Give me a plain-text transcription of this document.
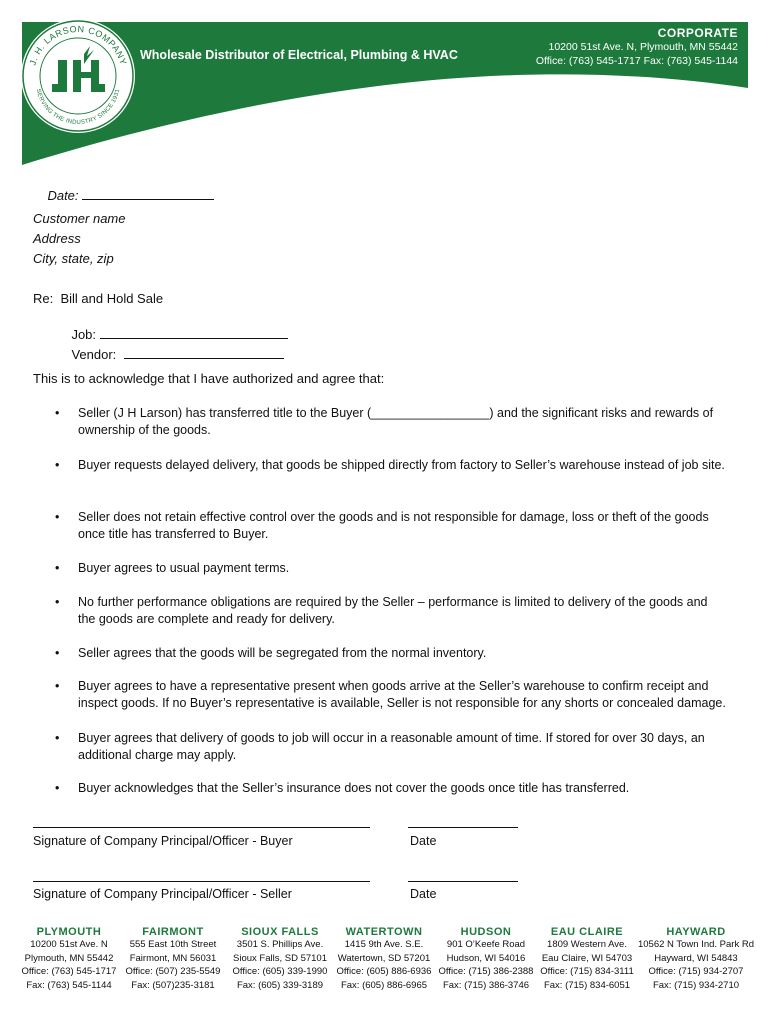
J. H. LARSON COMPANY
SERVING THE INDUSTRY SINCE 1931
Wholesale Distributor of Electrical, Plumbing & HVAC
CORPORATE
10200 51st Ave. N, Plymouth, MN 55442
Office: (763) 545-1717 Fax: (763) 545-1144

Date:

Customer name
Address
City, state, zip
Re:  Bill and Hold Sale

Job:

Vendor:

This is to acknowledge that I have authorized and agree that:
• Seller (J H Larson) has transferred title to the Buyer (_________________) and the significant risks and rewards of ownership of the goods.
• Buyer requests delayed delivery, that goods be shipped directly from factory to Seller’s warehouse instead of job site.
• Seller does not retain effective control over the goods and is not responsible for damage, loss or theft of the goods once title has transferred to Buyer.
• Buyer agrees to usual payment terms.
• No further performance obligations are required by the Seller – performance is limited to delivery of the goods and the goods are complete and ready for delivery.
• Seller agrees that the goods will be segregated from the normal inventory.
• Buyer agrees to have a representative present when goods arrive at the Seller’s warehouse to confirm receipt and inspect goods. If no Buyer’s representative is available, Seller is not responsible for any shorts or concealed damage.
• Buyer agrees that delivery of goods to job will occur in a reasonable amount of time. If stored for over 30 days, an additional charge may apply.
• Buyer acknowledges that the Seller’s insurance does not cover the goods once title has transferred.
Signature of Company Principal/Officer - Buyer	Date
Signature of Company Principal/Officer - Seller	Date
PLYMOUTH
10200 51st Ave. N
Plymouth, MN 55442
Office: (763) 545-1717
Fax: (763) 545-1144
FAIRMONT
555 East 10th Street
Fairmont, MN 56031
Office: (507) 235-5549
Fax: (507)235-3181
SIOUX FALLS
3501 S. Phillips Ave.
Sioux Falls, SD 57101
Office: (605) 339-1990
Fax: (605) 339-3189
WATERTOWN
1415 9th Ave. S.E.
Watertown, SD 57201
Office: (605) 886-6936
Fax: (605) 886-6965
HUDSON
901 O’Keefe Road
Hudson, WI 54016
Office: (715) 386-2388
Fax: (715) 386-3746
EAU CLAIRE
1809 Western Ave.
Eau Claire, WI 54703
Office: (715) 834-3111
Fax: (715) 834-6051
HAYWARD
10562 N Town Ind. Park Rd
Hayward, WI 54843
Office: (715) 934-2707
Fax: (715) 934-2710
